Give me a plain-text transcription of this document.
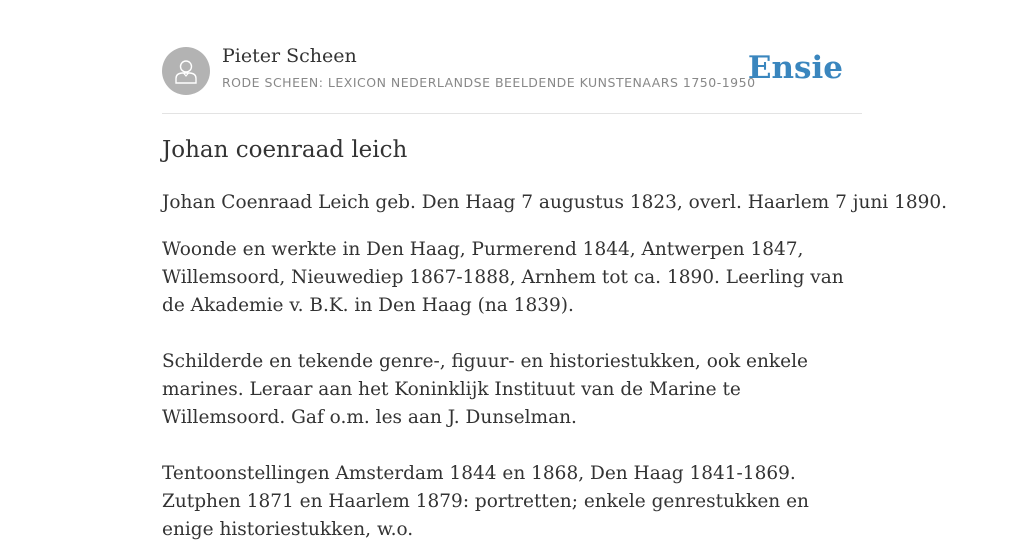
Pieter Scheen
RODE SCHEEN: LEXICON NEDERLANDSE BEELDENDE KUNSTENAARS 1750-1950
Ensie
Johan coenraad leich

Johan Coenraad Leich geb. Den Haag 7 augustus 1823, overl. Haarlem 7 juni 1890.

Woonde en werkte in Den Haag, Purmerend 1844, Antwerpen 1847, Willemsoord, Nieuwediep 1867-1888, Arnhem tot ca. 1890. Leerling van de Akademie v. B.K. in Den Haag (na 1839).

Schilderde en tekende genre-, figuur- en historiestukken, ook enkele marines. Leraar aan het Koninklijk Instituut van de Marine te Willemsoord. Gaf o.m. les aan J. Dunselman.

Tentoonstellingen Amsterdam 1844 en 1868, Den Haag 1841-1869. Zutphen 1871 en Haarlem 1879: portretten; enkele genrestukken en enige historiestukken, w.o.
